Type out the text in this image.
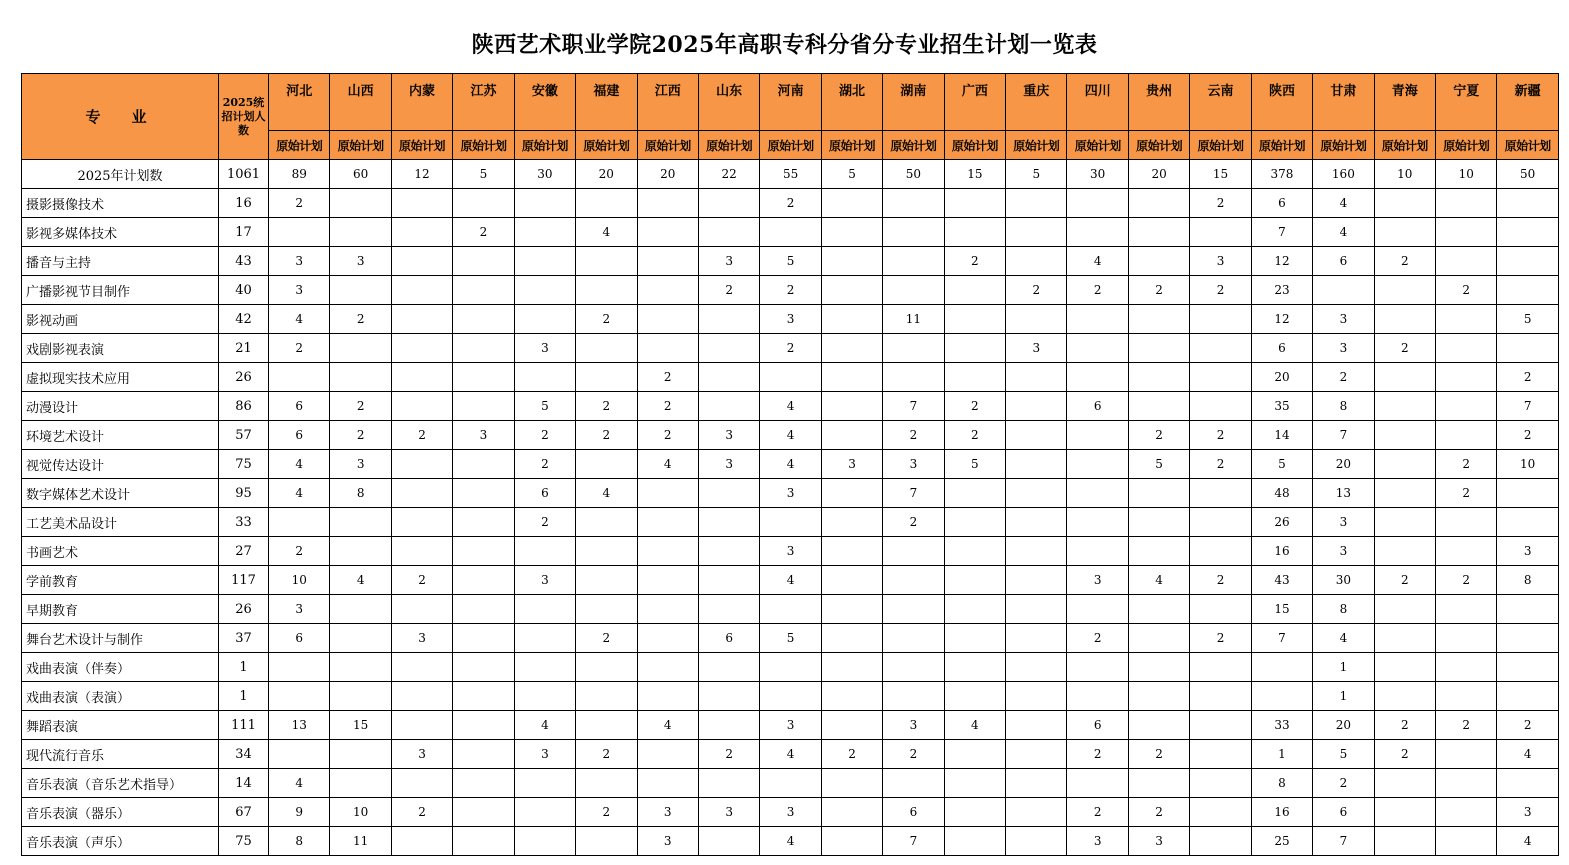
陕西艺术职业学院2025年高职专科分省分专业招生计划一览表
专　业	2025统招计划人数	河北	山西	内蒙	江苏	安徽	福建	江西	山东	河南	湖北	湖南	广西	重庆	四川	贵州	云南	陕西	甘肃	青海	宁夏	新疆
		原始计划	原始计划	原始计划	原始计划	原始计划	原始计划	原始计划	原始计划	原始计划	原始计划	原始计划	原始计划	原始计划	原始计划	原始计划	原始计划	原始计划	原始计划	原始计划	原始计划	原始计划
2025年计划数	1061	89	60	12	5	30	20	20	22	55	5	50	15	5	30	20	15	378	160	10	10	50
摄影摄像技术	16	2								2							2	6	4			
影视多媒体技术	17				2		4											7	4			
播音与主持	43	3	3						3	5			2		4		3	12	6	2		
广播影视节目制作	40	3							2	2				2	2	2	2	23			2	
影视动画	42	4	2				2			3		11						12	3			5
戏剧影视表演	21	2				3				2				3				6	3	2		
虚拟现实技术应用	26							2										20	2			2
动漫设计	86	6	2			5	2	2		4		7	2		6			35	8			7
环境艺术设计	57	6	2	2	3	2	2	2	3	4		2	2			2	2	14	7			2
视觉传达设计	75	4	3			2		4	3	4	3	3	5			5	2	5	20		2	10
数字媒体艺术设计	95	4	8			6	4			3		7						48	13		2	
工艺美术品设计	33					2						2						26	3			
书画艺术	27	2								3								16	3			3
学前教育	117	10	4	2		3				4					3	4	2	43	30	2	2	8
早期教育	26	3																15	8			
舞台艺术设计与制作	37	6		3			2		6	5					2		2	7	4			
戏曲表演（伴奏）	1																		1			
戏曲表演（表演）	1																		1			
舞蹈表演	111	13	15			4		4		3		3	4		6			33	20	2	2	2
现代流行音乐	34			3		3	2		2	4	2	2			2	2		1	5	2		4
音乐表演（音乐艺术指导）	14	4																8	2			
音乐表演（器乐）	67	9	10	2			2	3	3	3		6			2	2		16	6			3
音乐表演（声乐）	75	8	11					3		4		7			3	3		25	7			4
